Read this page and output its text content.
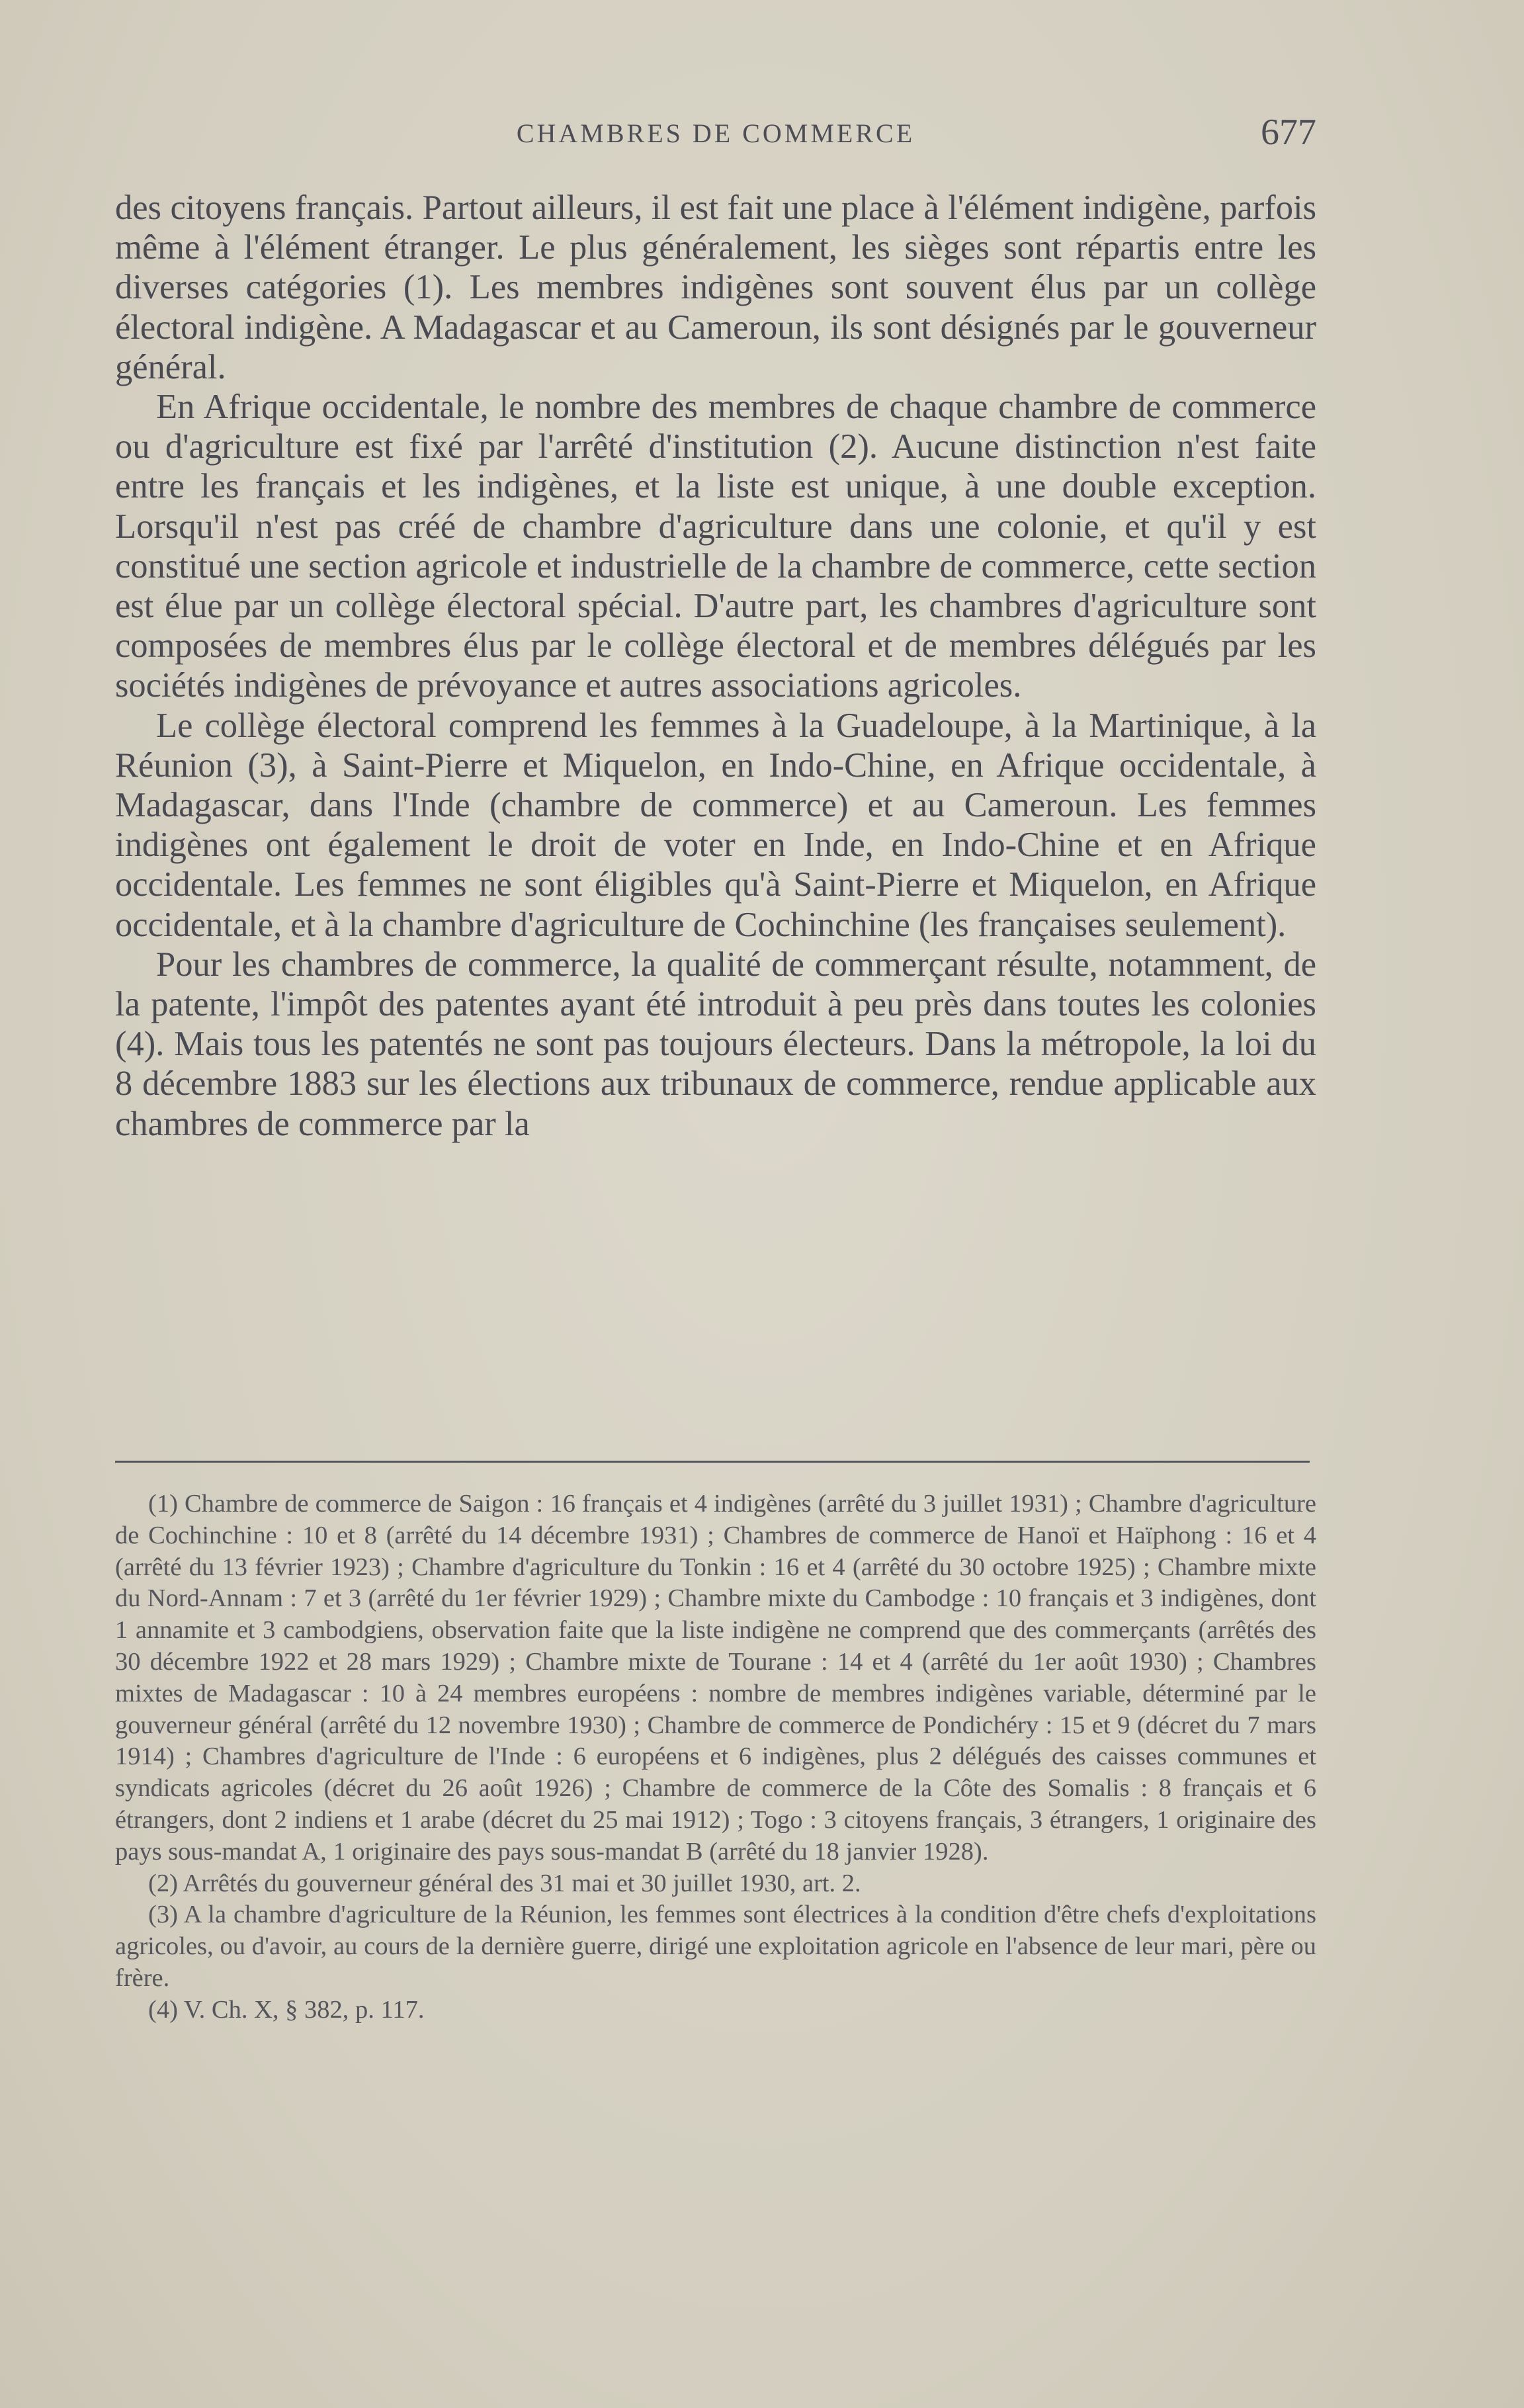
CHAMBRES DE COMMERCE	677

des citoyens français. Partout ailleurs, il est fait une place à l'élément indigène, parfois même à l'élément étranger. Le plus généralement, les sièges sont répartis entre les diverses catégories (1). Les membres indigènes sont souvent élus par un collège électoral indigène. A Madagascar et au Cameroun, ils sont désignés par le gouverneur général.

En Afrique occidentale, le nombre des membres de chaque chambre de commerce ou d'agriculture est fixé par l'arrêté d'institution (2). Aucune distinction n'est faite entre les français et les indigènes, et la liste est unique, à une double exception. Lorsqu'il n'est pas créé de chambre d'agriculture dans une colonie, et qu'il y est constitué une section agricole et industrielle de la chambre de commerce, cette section est élue par un collège électoral spécial. D'autre part, les chambres d'agriculture sont composées de membres élus par le collège électoral et de membres délégués par les sociétés indigènes de prévoyance et autres associations agricoles.

Le collège électoral comprend les femmes à la Guadeloupe, à la Martinique, à la Réunion (3), à Saint-Pierre et Miquelon, en Indo-Chine, en Afrique occidentale, à Madagascar, dans l'Inde (chambre de commerce) et au Cameroun. Les femmes indigènes ont également le droit de voter en Inde, en Indo-Chine et en Afrique occidentale. Les femmes ne sont éligibles qu'à Saint-Pierre et Miquelon, en Afrique occidentale, et à la chambre d'agriculture de Cochinchine (les françaises seulement).

Pour les chambres de commerce, la qualité de commerçant résulte, notamment, de la patente, l'impôt des patentes ayant été introduit à peu près dans toutes les colonies (4). Mais tous les patentés ne sont pas toujours électeurs. Dans la métropole, la loi du 8 décembre 1883 sur les élections aux tribunaux de commerce, rendue applicable aux chambres de commerce par la

(1) Chambre de commerce de Saigon : 16 français et 4 indigènes (arrêté du 3 juillet 1931) ; Chambre d'agriculture de Cochinchine : 10 et 8 (arrêté du 14 décembre 1931) ; Chambres de commerce de Hanoï et Haïphong : 16 et 4 (arrêté du 13 février 1923) ; Chambre d'agriculture du Tonkin : 16 et 4 (arrêté du 30 octobre 1925) ; Chambre mixte du Nord-Annam : 7 et 3 (arrêté du 1er février 1929) ; Chambre mixte du Cambodge : 10 français et 3 indigènes, dont 1 annamite et 3 cambodgiens, observation faite que la liste indigène ne comprend que des commerçants (arrêtés des 30 décembre 1922 et 28 mars 1929) ; Chambre mixte de Tourane : 14 et 4 (arrêté du 1er août 1930) ; Chambres mixtes de Madagascar : 10 à 24 membres européens : nombre de membres indigènes variable, déterminé par le gouverneur général (arrêté du 12 novembre 1930) ; Chambre de commerce de Pondichéry : 15 et 9 (décret du 7 mars 1914) ; Chambres d'agriculture de l'Inde : 6 européens et 6 indigènes, plus 2 délégués des caisses communes et syndicats agricoles (décret du 26 août 1926) ; Chambre de commerce de la Côte des Somalis : 8 français et 6 étrangers, dont 2 indiens et 1 arabe (décret du 25 mai 1912) ; Togo : 3 citoyens français, 3 étrangers, 1 originaire des pays sous-mandat A, 1 originaire des pays sous-mandat B (arrêté du 18 janvier 1928).

(2) Arrêtés du gouverneur général des 31 mai et 30 juillet 1930, art. 2.

(3) A la chambre d'agriculture de la Réunion, les femmes sont électrices à la condition d'être chefs d'exploitations agricoles, ou d'avoir, au cours de la dernière guerre, dirigé une exploitation agricole en l'absence de leur mari, père ou frère.

(4) V. Ch. X, § 382, p. 117.
